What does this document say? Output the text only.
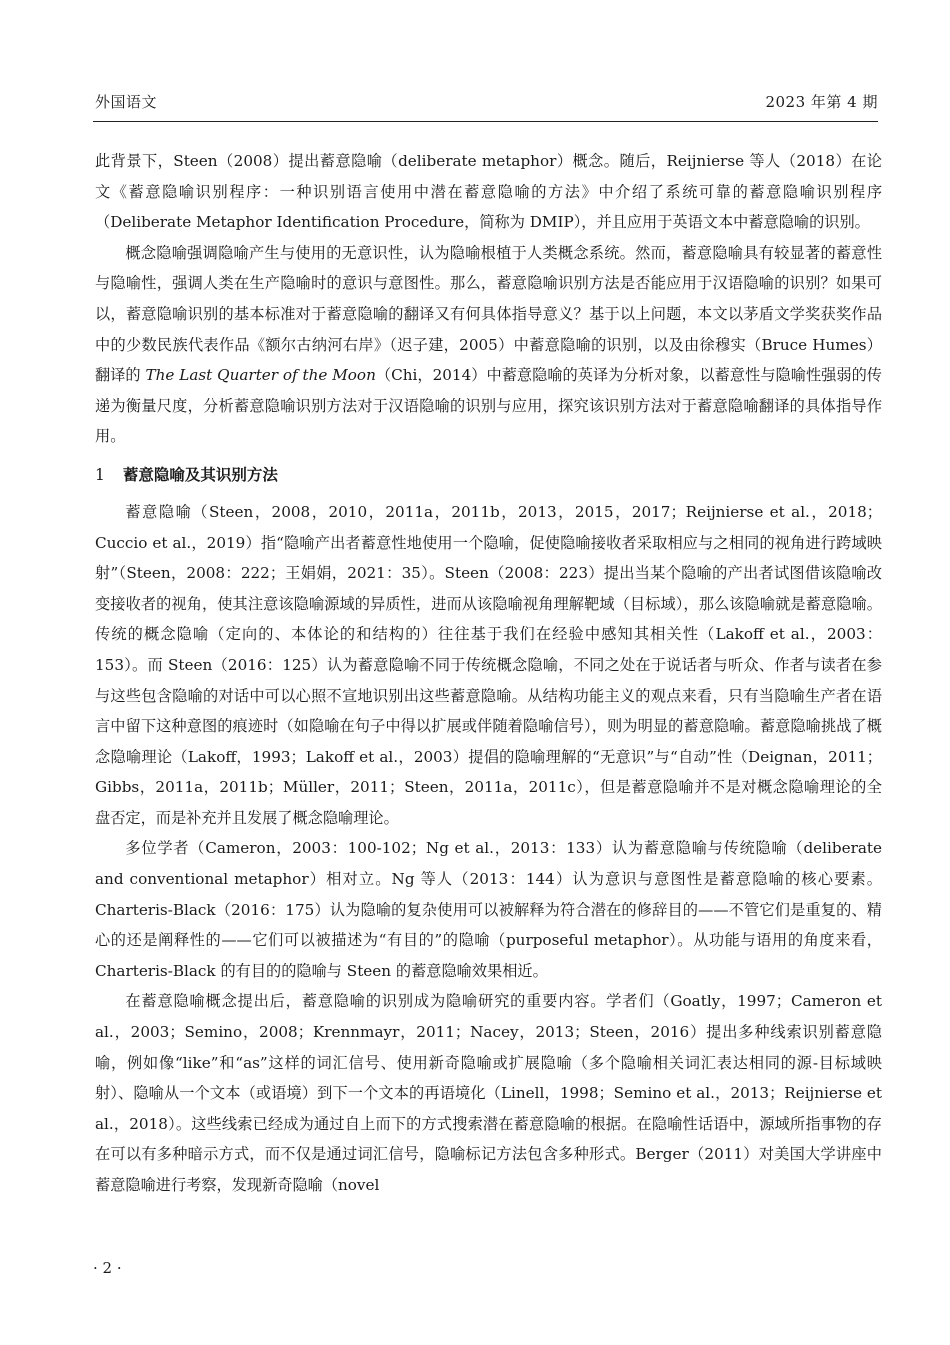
外国语文	2023 年第 4 期

此背景下，Steen（2008）提出蓄意隐喻（deliberate metaphor）概念。随后，Reijnierse 等人（2018）在论文《蓄意隐喻识别程序：一种识别语言使用中潜在蓄意隐喻的方法》中介绍了系统可靠的蓄意隐喻识别程序（Deliberate Metaphor Identification Procedure，简称为 DMIP），并且应用于英语文本中蓄意隐喻的识别。

概念隐喻强调隐喻产生与使用的无意识性，认为隐喻根植于人类概念系统。然而，蓄意隐喻具有较显著的蓄意性与隐喻性，强调人类在生产隐喻时的意识与意图性。那么，蓄意隐喻识别方法是否能应用于汉语隐喻的识别？如果可以，蓄意隐喻识别的基本标准对于蓄意隐喻的翻译又有何具体指导意义？基于以上问题，本文以茅盾文学奖获奖作品中的少数民族代表作品《额尔古纳河右岸》（迟子建，2005）中蓄意隐喻的识别，以及由徐穆实（Bruce Humes）翻译的 The Last Quarter of the Moon（Chi，2014）中蓄意隐喻的英译为分析对象，以蓄意性与隐喻性强弱的传递为衡量尺度，分析蓄意隐喻识别方法对于汉语隐喻的识别与应用，探究该识别方法对于蓄意隐喻翻译的具体指导作用。

1 蓄意隐喻及其识别方法

蓄意隐喻（Steen，2008，2010，2011a，2011b，2013，2015，2017；Reijnierse et al.，2018；Cuccio et al.，2019）指“隐喻产出者蓄意性地使用一个隐喻，促使隐喻接收者采取相应与之相同的视角进行跨域映射”（Steen，2008：222；王娟娟，2021：35）。Steen（2008：223）提出当某个隐喻的产出者试图借该隐喻改变接收者的视角，使其注意该隐喻源域的异质性，进而从该隐喻视角理解靶域（目标域），那么该隐喻就是蓄意隐喻。传统的概念隐喻（定向的、本体论的和结构的）往往基于我们在经验中感知其相关性（Lakoff et al.，2003：153）。而 Steen（2016：125）认为蓄意隐喻不同于传统概念隐喻，不同之处在于说话者与听众、作者与读者在参与这些包含隐喻的对话中可以心照不宣地识别出这些蓄意隐喻。从结构功能主义的观点来看，只有当隐喻生产者在语言中留下这种意图的痕迹时（如隐喻在句子中得以扩展或伴随着隐喻信号），则为明显的蓄意隐喻。蓄意隐喻挑战了概念隐喻理论（Lakoff，1993；Lakoff et al.，2003）提倡的隐喻理解的“无意识”与“自动”性（Deignan，2011；Gibbs，2011a，2011b；Müller，2011；Steen，2011a，2011c），但是蓄意隐喻并不是对概念隐喻理论的全盘否定，而是补充并且发展了概念隐喻理论。

多位学者（Cameron，2003：100-102；Ng et al.，2013：133）认为蓄意隐喻与传统隐喻（deliberate and conventional metaphor）相对立。Ng 等人（2013：144）认为意识与意图性是蓄意隐喻的核心要素。Charteris-Black（2016：175）认为隐喻的复杂使用可以被解释为符合潜在的修辞目的——不管它们是重复的、精心的还是阐释性的——它们可以被描述为“有目的”的隐喻（purposeful metaphor）。从功能与语用的角度来看，Charteris-Black 的有目的的隐喻与 Steen 的蓄意隐喻效果相近。

在蓄意隐喻概念提出后，蓄意隐喻的识别成为隐喻研究的重要内容。学者们（Goatly，1997；Cameron et al.，2003；Semino，2008；Krennmayr，2011；Nacey，2013；Steen，2016）提出多种线索识别蓄意隐喻，例如像“like”和“as”这样的词汇信号、使用新奇隐喻或扩展隐喻（多个隐喻相关词汇表达相同的源-目标域映射）、隐喻从一个文本（或语境）到下一个文本的再语境化（Linell，1998；Semino et al.，2013；Reijnierse et al.，2018）。这些线索已经成为通过自上而下的方式搜索潜在蓄意隐喻的根据。在隐喻性话语中，源域所指事物的存在可以有多种暗示方式，而不仅是通过词汇信号，隐喻标记方法包含多种形式。Berger（2011）对美国大学讲座中蓄意隐喻进行考察，发现新奇隐喻（novel

· 2 ·
